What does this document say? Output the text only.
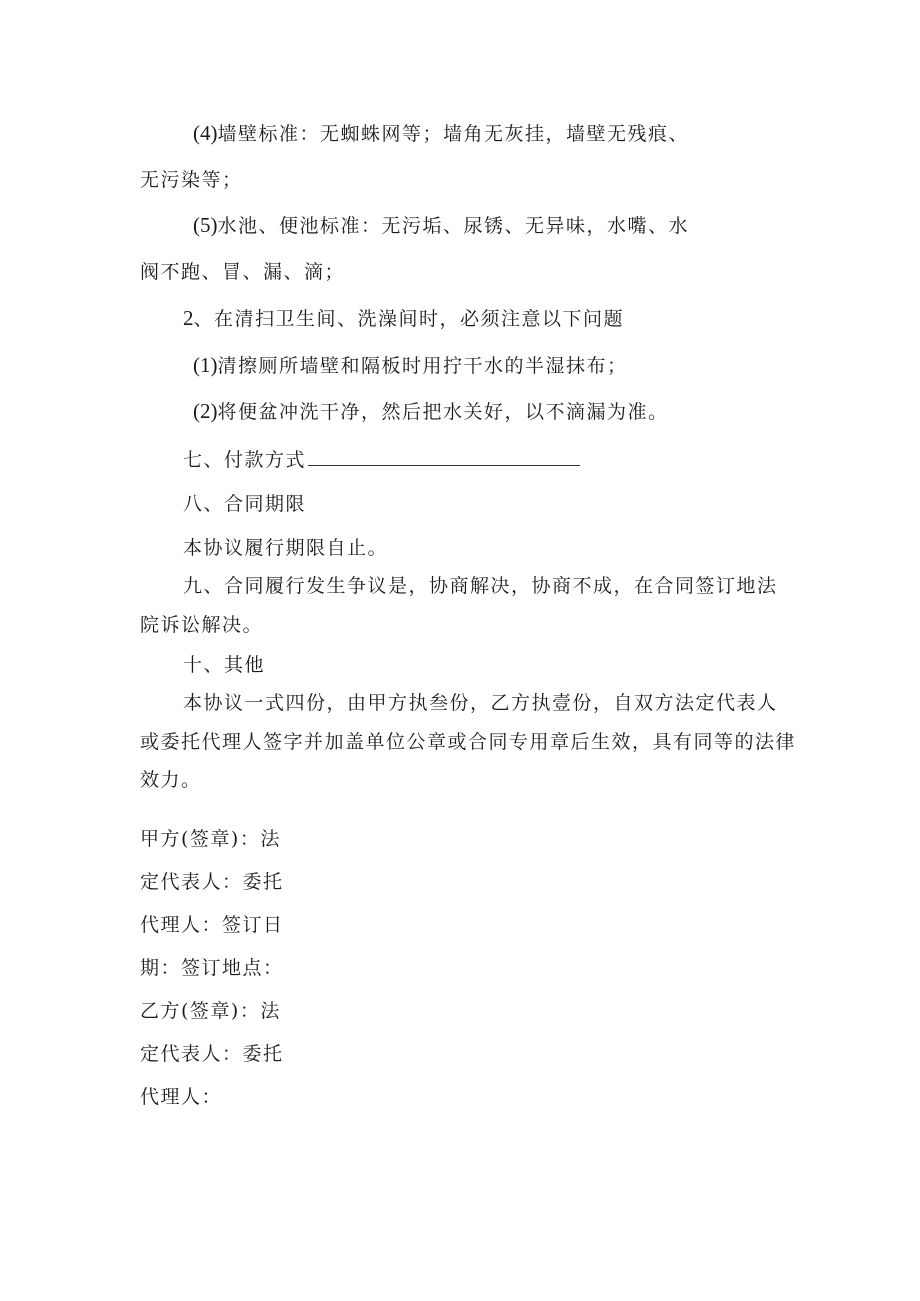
(4)墙壁标准：无蜘蛛网等；墙角无灰挂，墙壁无残痕、
无污染等；
(5)水池、便池标准：无污垢、尿锈、无异味，水嘴、水
阀不跑、冒、漏、滴；
2、在清扫卫生间、洗澡间时，必须注意以下问题
(1)清擦厕所墙壁和隔板时用拧干水的半湿抹布；
(2)将便盆冲洗干净，然后把水关好，以不滴漏为准。
七、付款方式
八、合同期限
本协议履行期限自止。
九、合同履行发生争议是，协商解决，协商不成，在合同签订地法
院诉讼解决。
十、其他
本协议一式四份，由甲方执叁份，乙方执壹份，自双方法定代表人
或委托代理人签字并加盖单位公章或合同专用章后生效，具有同等的法律
效力。
甲方(签章)：法
定代表人：委托
代理人：签订日
期：签订地点：
乙方(签章)：法
定代表人：委托
代理人：
